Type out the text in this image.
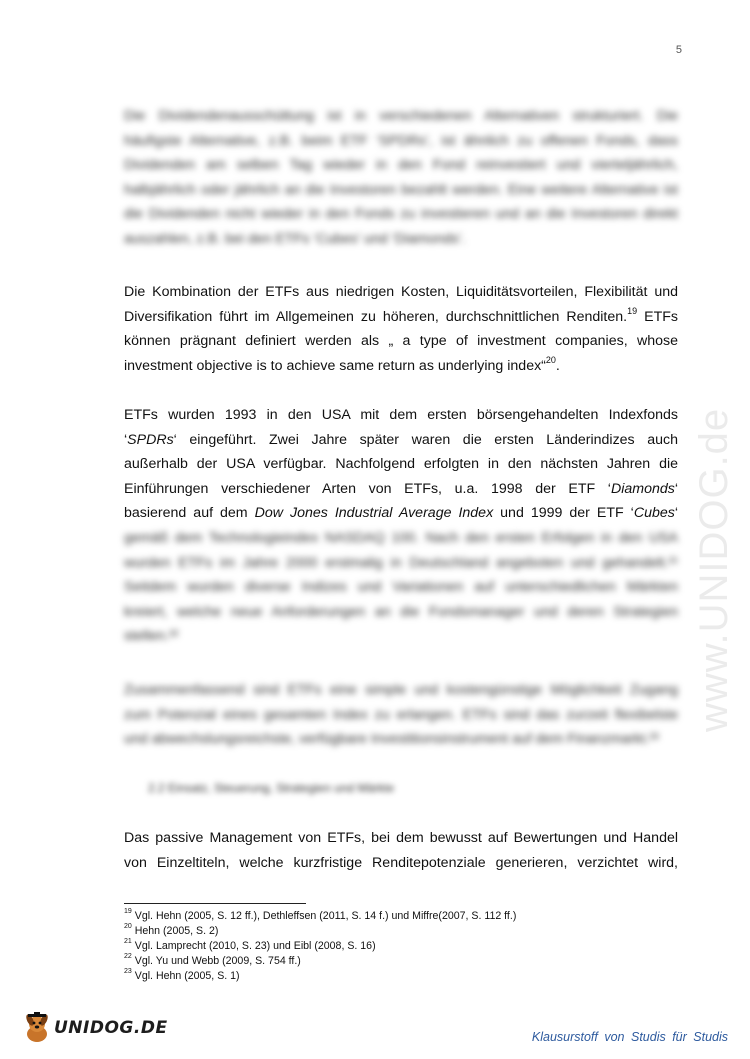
5
www.UNIDOG.de
Die Dividendenausschüttung ist in verschiedenen Alternativen strukturiert. Die
häufigste Alternative, z.B. beim ETF ‘SPDRs’, ist ähnlich zu offenen Fonds, dass
Dividenden am selben Tag wieder in den Fond reinvestiert und vierteljährlich,
halbjährlich oder jährlich an die Investoren bezahlt werden. Eine weitere Alternative ist
die Dividenden nicht wieder in den Fonds zu investieren und an die Investoren direkt
auszahlen, z.B. bei den ETFs ‘Cubes’ und ‘Diamonds’.
Die Kombination der ETFs aus niedrigen Kosten, Liquiditätsvorteilen, Flexibilität und
Diversifikation führt im Allgemeinen zu höheren, durchschnittlichen Renditen.$^{19}$ ETFs
können prägnant definiert werden als „ a type of investment companies, whose
investment objective is to achieve same return as underlying index“$^{20}$.
ETFs wurden 1993 in den USA mit dem ersten börsengehandelten Indexfonds
‘SPDRs‘ eingeführt. Zwei Jahre später waren die ersten Länderindizes auch
außerhalb der USA verfügbar. Nachfolgend erfolgten in den nächsten Jahren die
Einführungen verschiedener Arten von ETFs, u.a. 1998 der ETF ‘Diamonds‘
basierend auf dem Dow Jones Industrial Average Index und 1999 der ETF ‘Cubes‘
gemäß dem Technologieindex NASDAQ 100. Nach den ersten Erfolgen in den USA
wurden ETFs im Jahre 2000 erstmalig in Deutschland angeboten und gehandelt.²¹
Seitdem wurden diverse Indizes und Variationen auf unterschiedlichen Märkten
kreiert, welche neue Anforderungen an die Fondsmanager und deren Strategien
stellen.²²
Zusammenfassend sind ETFs eine simple und kostengünstige Möglichkeit Zugang
zum Potenzial eines gesamten Index zu erlangen. ETFs sind das zurzeit flexibelste
und abwechslungsreichste, verfügbare Investitionsinstrument auf dem Finanzmarkt.²³
2.2 Einsatz, Steuerung, Strategien und Märkte
Das passive Management von ETFs, bei dem bewusst auf Bewertungen und Handel
von Einzeltiteln, welche kurzfristige Renditepotenziale generieren, verzichtet wird,
$^{19}$ Vgl. Hehn (2005, S. 12 ff.), Dethleffsen (2011, S. 14 f.) und Miffre(2007, S. 112 ff.)
$^{20}$ Hehn (2005, S. 2)
$^{21}$ Vgl. Lamprecht (2010, S. 23) und Eibl (2008, S. 16)
$^{22}$ Vgl. Yu und Webb (2009, S. 754 ff.)
$^{23}$ Vgl. Hehn (2005, S. 1)
UNIDOG.DE	Klausurstoff von Studis für Studis
